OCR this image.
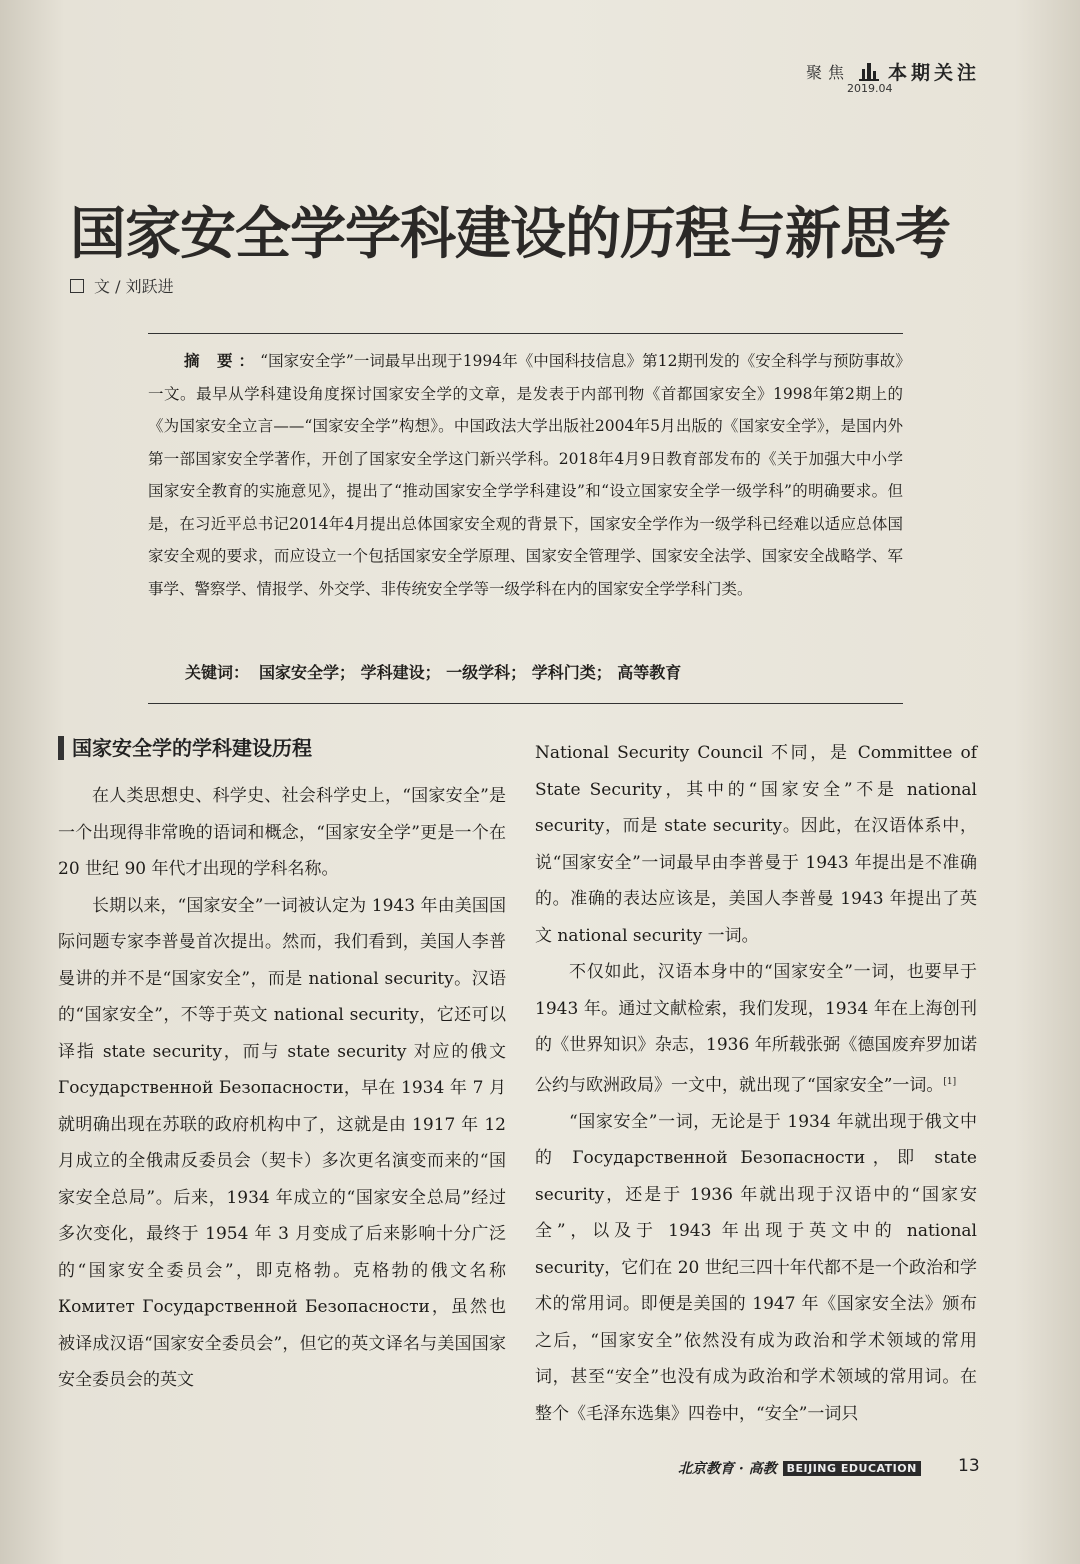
聚焦 本期关注
2019.04
国家安全学学科建设的历程与新思考
文 / 刘跃进

摘 要：“国家安全学”一词最早出现于1994年《中国科技信息》第12期刊发的《安全科学与预防事故》一文。最早从学科建设角度探讨国家安全学的文章，是发表于内部刊物《首都国家安全》1998年第2期上的《为国家安全立言——“国家安全学”构想》。中国政法大学出版社2004年5月出版的《国家安全学》，是国内外第一部国家安全学著作，开创了国家安全学这门新兴学科。2018年4月9日教育部发布的《关于加强大中小学国家安全教育的实施意见》，提出了“推动国家安全学学科建设”和“设立国家安全学一级学科”的明确要求。但是，在习近平总书记2014年4月提出总体国家安全观的背景下，国家安全学作为一级学科已经难以适应总体国家安全观的要求，而应设立一个包括国家安全学原理、国家安全管理学、国家安全法学、国家安全战略学、军事学、警察学、情报学、外交学、非传统安全学等一级学科在内的国家安全学学科门类。

关键词： 国家安全学； 学科建设； 一级学科； 学科门类； 高等教育
国家安全学的学科建设历程

在人类思想史、科学史、社会科学史上，“国家安全”是一个出现得非常晚的语词和概念，“国家安全学”更是一个在 20 世纪 90 年代才出现的学科名称。

长期以来，“国家安全”一词被认定为 1943 年由美国国际问题专家李普曼首次提出。然而，我们看到，美国人李普曼讲的并不是“国家安全”，而是 national security。汉语的“国家安全”，不等于英文 national security，它还可以译指 state security，而与 state security 对应的俄文 Государственной Безопасности，早在 1934 年 7 月就明确出现在苏联的政府机构中了，这就是由 1917 年 12 月成立的全俄肃反委员会（契卡）多次更名演变而来的“国家安全总局”。后来，1934 年成立的“国家安全总局”经过多次变化，最终于 1954 年 3 月变成了后来影响十分广泛的“国家安全委员会”，即克格勃。克格勃的俄文名称 Комитет Государственной Безопасности，虽然也被译成汉语“国家安全委员会”，但它的英文译名与美国国家安全委员会的英文

National Security Council 不同，是 Committee of State Security，其中的“国家安全”不是 national security，而是 state security。因此，在汉语体系中，说“国家安全”一词最早由李普曼于 1943 年提出是不准确的。准确的表达应该是，美国人李普曼 1943 年提出了英文 national security 一词。

不仅如此，汉语本身中的“国家安全”一词，也要早于 1943 年。通过文献检索，我们发现，1934 年在上海创刊的《世界知识》杂志，1936 年所载张弼《德国废弃罗加诺公约与欧洲政局》一文中，就出现了“国家安全”一词。[1]

“国家安全”一词，无论是于 1934 年就出现于俄文中的 Государственной Безопасности，即 state security，还是于 1936 年就出现于汉语中的“国家安全”，以及于 1943 年出现于英文中的 national security，它们在 20 世纪三四十年代都不是一个政治和学术的常用词。即便是美国的 1947 年《国家安全法》颁布之后，“国家安全”依然没有成为政治和学术领域的常用词，甚至“安全”也没有成为政治和学术领域的常用词。在整个《毛泽东选集》四卷中，“安全”一词只

北京教育 · 高教 BEIJING EDUCATION 13
